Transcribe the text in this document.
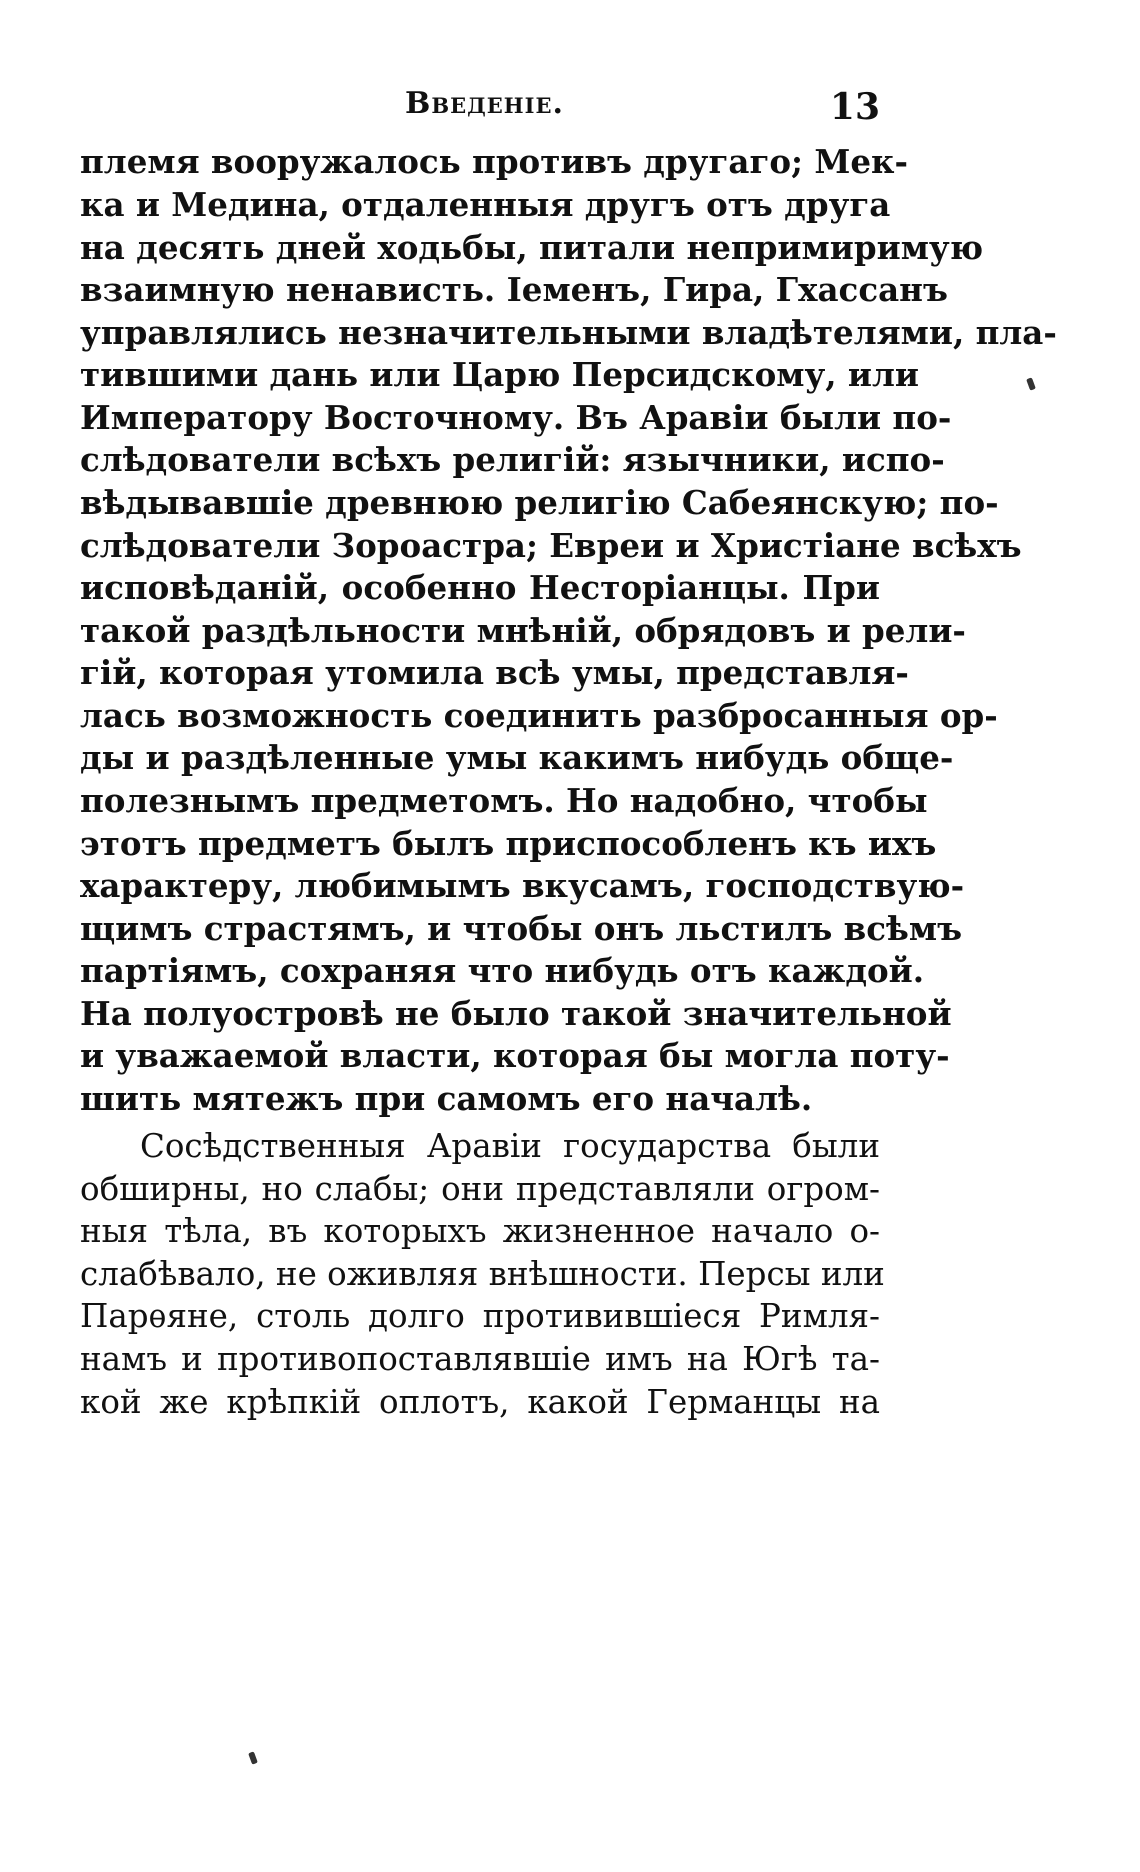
Введеніе.	13
племя вооружалось противъ другаго; Мек-
ка и Медина, отдаленныя другъ отъ друга
на десять дней ходьбы, питали непримиримую
взаимную ненависть. Іеменъ, Гира, Гхассанъ
управлялись незначительными владѣтелями, пла-
тившими дань или Царю Персидскому, или
Императору Восточному. Въ Аравіи были по-
слѣдователи всѣхъ религій: язычники, испо-
вѣдывавшіе древнюю религію Сабеянскую; по-
слѣдователи Зороастра; Евреи и Христіане всѣхъ
исповѣданій, особенно Несторіанцы. При
такой раздѣльности мнѣній, обрядовъ и рели-
гій, которая утомила всѣ умы, представля-
лась возможность соединить разбросанныя ор-
ды и раздѣленные умы какимъ нибудь обще-
полезнымъ предметомъ. Но надобно, чтобы
этотъ предметъ былъ приспособленъ къ ихъ
характеру, любимымъ вкусамъ, господствую-
щимъ страстямъ, и чтобы онъ льстилъ всѣмъ
партіямъ, сохраняя что нибудь отъ каждой.
На полуостровѣ не было такой значительной
и уважаемой власти, которая бы могла поту-
шить мятежъ при самомъ его началѣ.
Сосѣдственныя Аравіи государства были
обширны, но слабы; они представляли огром-
ныя тѣла, въ которыхъ жизненное начало о-
слабѣвало, не оживляя внѣшности. Персы или
Парѳяне, столь долго противившіеся Римля-
намъ и противопоставлявшіе имъ на Югѣ та-
кой же крѣпкій оплотъ, какой Германцы на
